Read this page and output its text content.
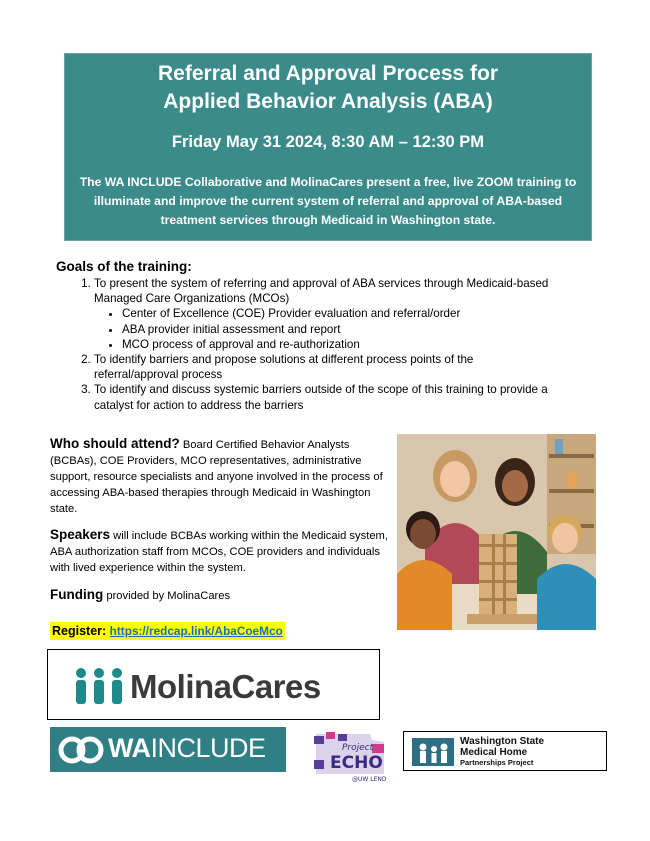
Referral and Approval Process for
Applied Behavior Analysis (ABA)
Friday May 31 2024, 8:30 AM – 12:30 PM
The WA INCLUDE Collaborative and MolinaCares present a free, live ZOOM training to illuminate and improve the current system of referral and approval of ABA-based treatment services through Medicaid in Washington state.
Goals of the training:
1. To present the system of referring and approval of ABA services through Medicaid-based Managed Care Organizations (MCOs)
• Center of Excellence (COE) Provider evaluation and referral/order
• ABA provider initial assessment and report
• MCO process of approval and re-authorization
2. To identify barriers and propose solutions at different process points of the referral/approval process
3. To identify and discuss systemic barriers outside of the scope of this training to provide a catalyst for action to address the barriers
Who should attend? Board Certified Behavior Analysts (BCBAs), COE Providers, MCO representatives, administrative support, resource specialists and anyone involved in the process of accessing ABA-based therapies through Medicaid in Washington state.
Speakers will include BCBAs working within the Medicaid system, ABA authorization staff from MCOs, COE providers and individuals with lived experience within the system.
Funding provided by MolinaCares
Register: https://redcap.link/AbaCoeMco
MolinaCares
WAINCLUDE	Project
ECHO
@UW LEND
Washington State
Medical Home
Partnerships Project
